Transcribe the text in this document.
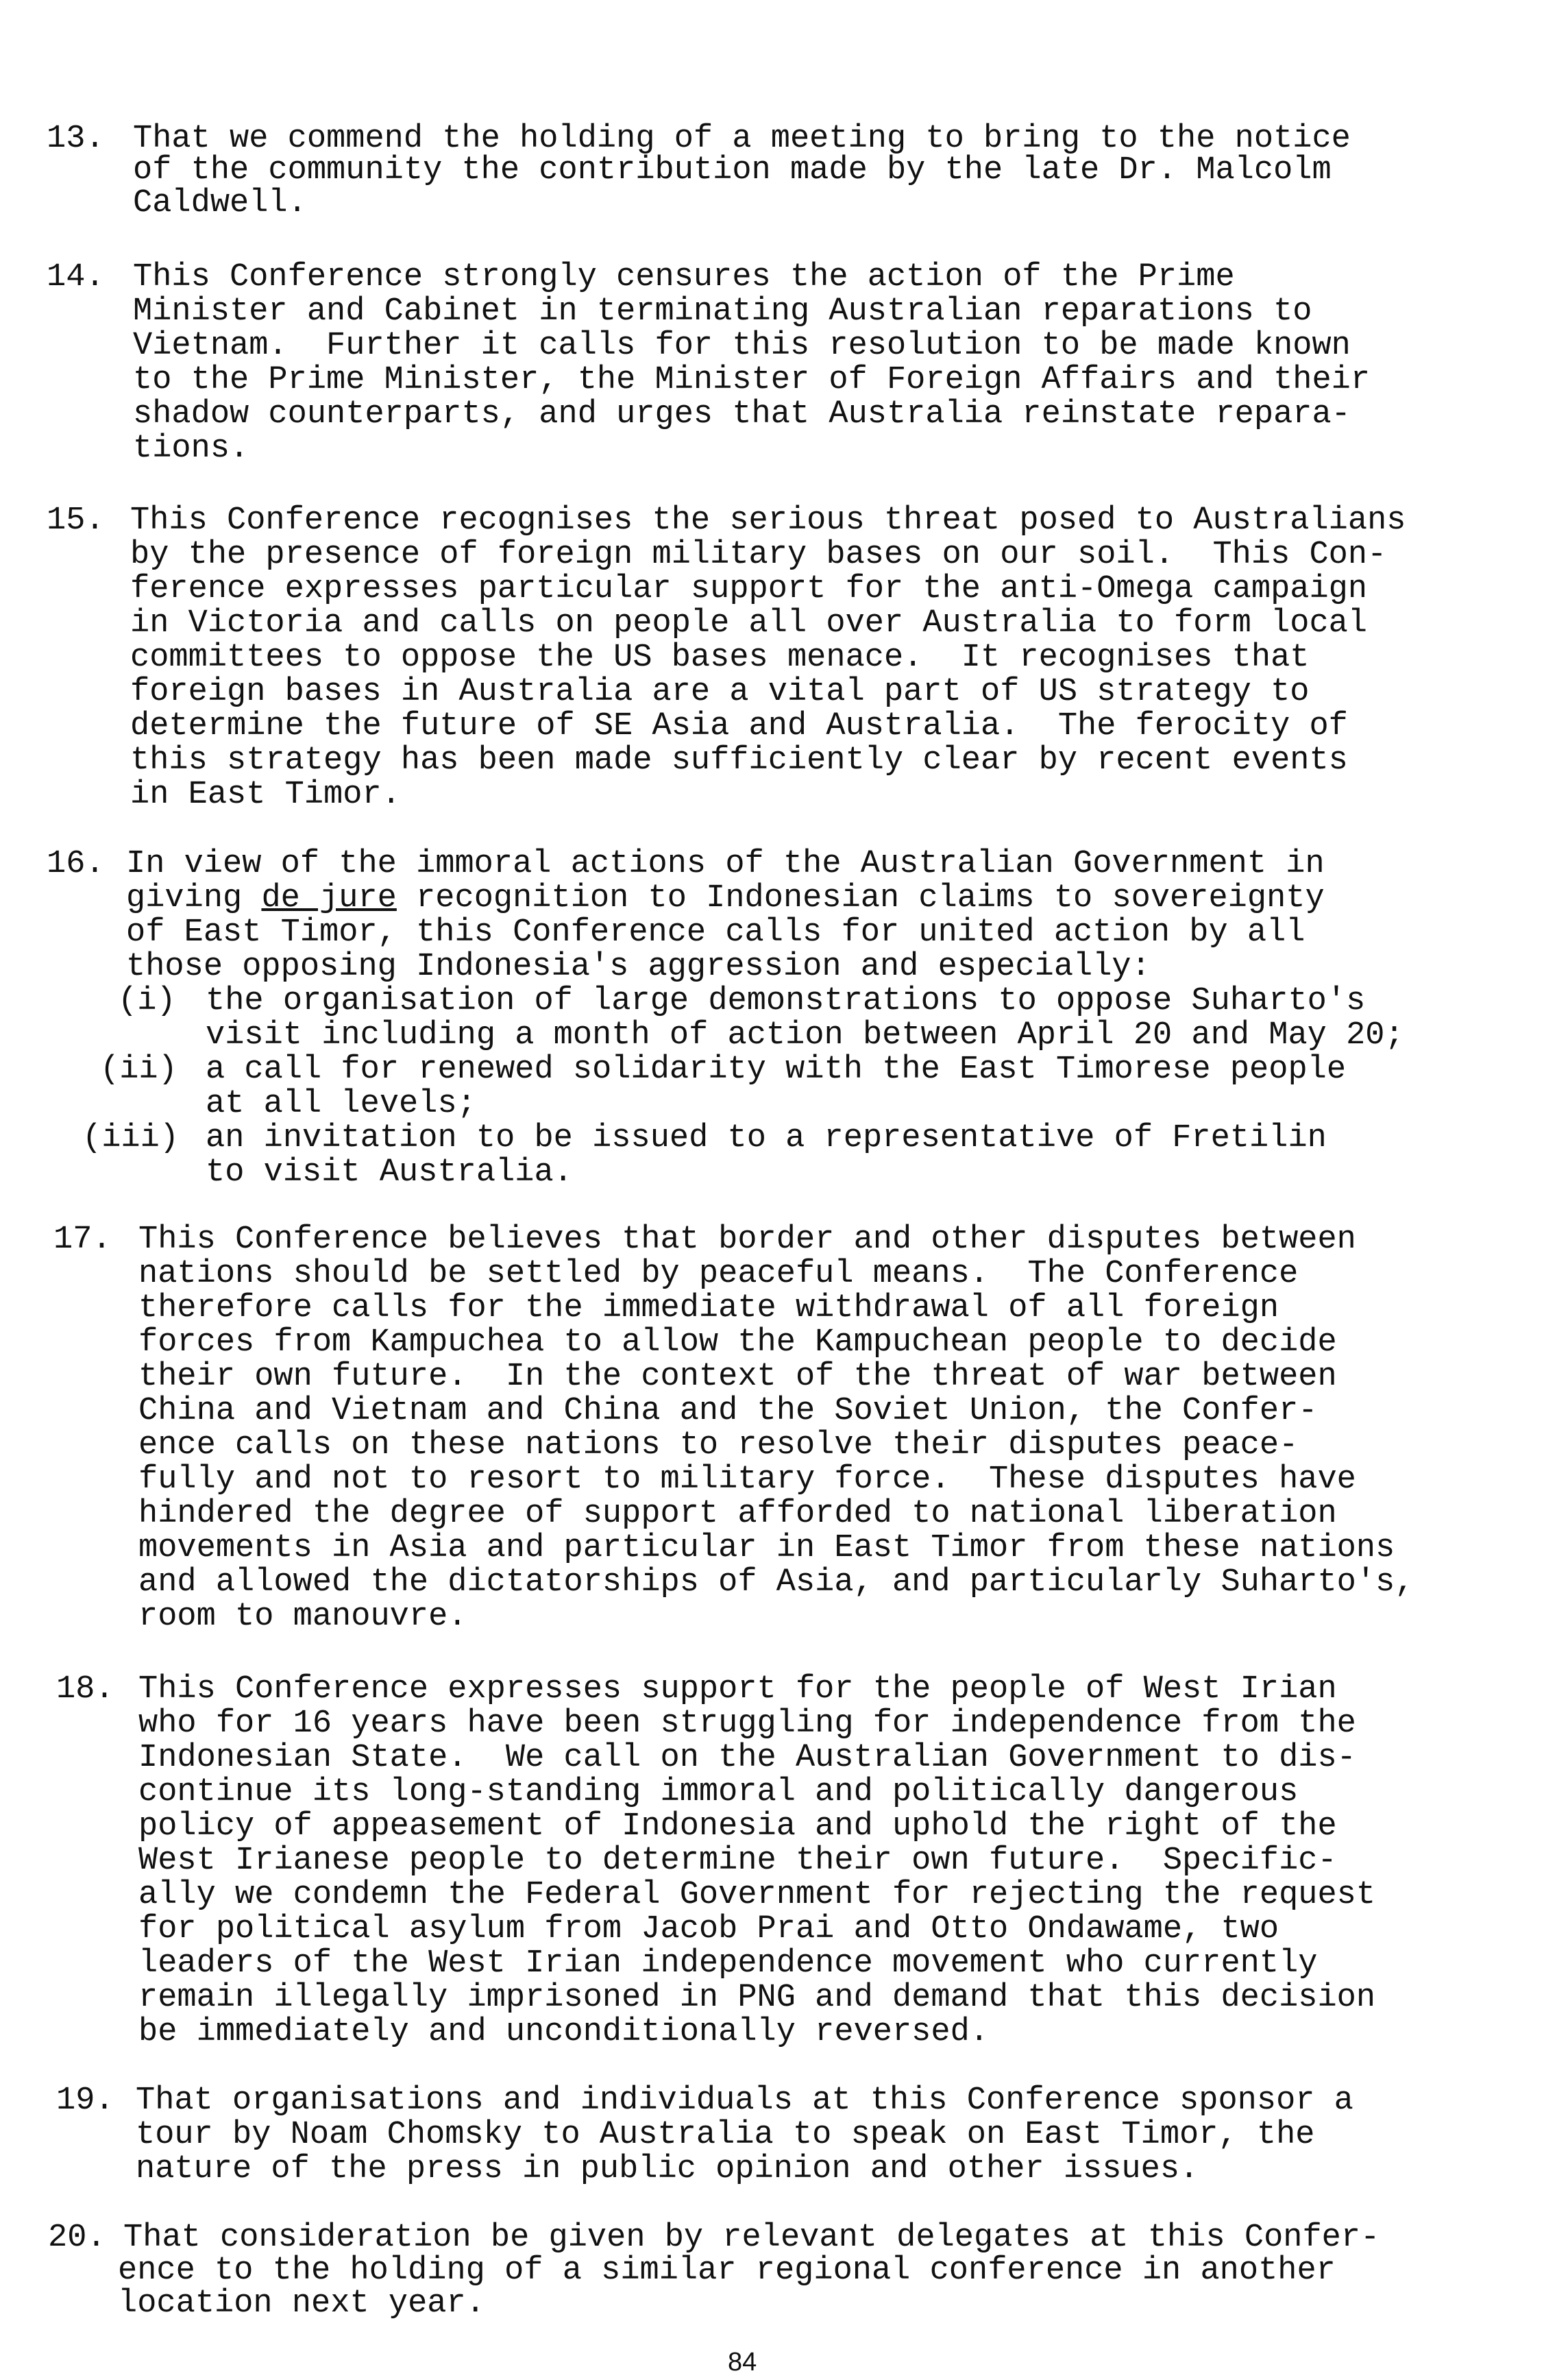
13. That we commend the holding of a meeting to bring to the notice
of the community the contribution made by the late Dr. Malcolm
Caldwell.
14. This Conference strongly censures the action of the Prime
Minister and Cabinet in terminating Australian reparations to
Vietnam.  Further it calls for this resolution to be made known
to the Prime Minister, the Minister of Foreign Affairs and their
shadow counterparts, and urges that Australia reinstate repara-
tions.
15. This Conference recognises the serious threat posed to Australians
by the presence of foreign military bases on our soil.  This Con-
ference expresses particular support for the anti-Omega campaign
in Victoria and calls on people all over Australia to form local
committees to oppose the US bases menace.  It recognises that
foreign bases in Australia are a vital part of US strategy to
determine the future of SE Asia and Australia.  The ferocity of
this strategy has been made sufficiently clear by recent events
in East Timor.
16. In view of the immoral actions of the Australian Government in
giving de jure recognition to Indonesian claims to sovereignty
of East Timor, this Conference calls for united action by all
those opposing Indonesia's aggression and especially:
(i) the organisation of large demonstrations to oppose Suharto's
visit including a month of action between April 20 and May 20;
(ii) a call for renewed solidarity with the East Timorese people
at all levels;
(iii) an invitation to be issued to a representative of Fretilin
to visit Australia.
17. This Conference believes that border and other disputes between
nations should be settled by peaceful means.  The Conference
therefore calls for the immediate withdrawal of all foreign
forces from Kampuchea to allow the Kampuchean people to decide
their own future.  In the context of the threat of war between
China and Vietnam and China and the Soviet Union, the Confer-
ence calls on these nations to resolve their disputes peace-
fully and not to resort to military force.  These disputes have
hindered the degree of support afforded to national liberation
movements in Asia and particular in East Timor from these nations
and allowed the dictatorships of Asia, and particularly Suharto's,
room to manouvre.
18. This Conference expresses support for the people of West Irian
who for 16 years have been struggling for independence from the
Indonesian State.  We call on the Australian Government to dis-
continue its long-standing immoral and politically dangerous
policy of appeasement of Indonesia and uphold the right of the
West Irianese people to determine their own future.  Specific-
ally we condemn the Federal Government for rejecting the request
for political asylum from Jacob Prai and Otto Ondawame, two
leaders of the West Irian independence movement who currently
remain illegally imprisoned in PNG and demand that this decision
be immediately and unconditionally reversed.
19. That organisations and individuals at this Conference sponsor a
tour by Noam Chomsky to Australia to speak on East Timor, the
nature of the press in public opinion and other issues.
20. That consideration be given by relevant delegates at this Confer-
ence to the holding of a similar regional conference in another
location next year.
84
